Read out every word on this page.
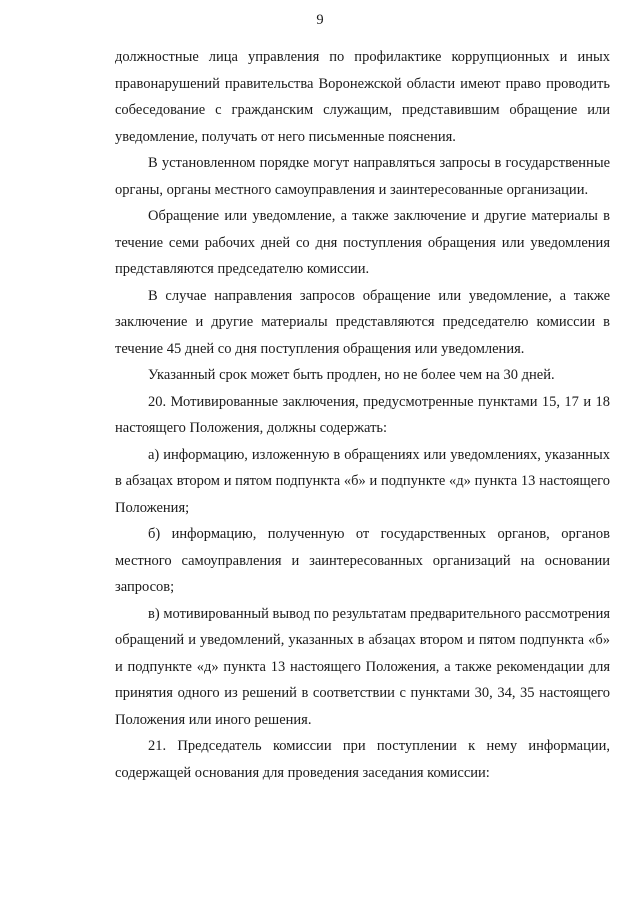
9

должностные лица управления по профилактике коррупционных и иных правонарушений правительства Воронежской области имеют право проводить собеседование с гражданским служащим, представившим обращение или уведомление, получать от него письменные пояснения.

В установленном порядке могут направляться запросы в государственные органы, органы местного самоуправления и заинтересованные организации.

Обращение или уведомление, а также заключение и другие материалы в течение семи рабочих дней со дня поступления обращения или уведомления представляются председателю комиссии.

В случае направления запросов обращение или уведомление, а также заключение и другие материалы представляются председателю комиссии в течение 45 дней со дня поступления обращения или уведомления.

Указанный срок может быть продлен, но не более чем на 30 дней.

20. Мотивированные заключения, предусмотренные пунктами 15, 17 и 18 настоящего Положения, должны содержать:

а) информацию, изложенную в обращениях или уведомлениях, указанных в абзацах втором и пятом подпункта «б» и подпункте «д» пункта 13 настоящего Положения;

б) информацию, полученную от государственных органов, органов местного самоуправления и заинтересованных организаций на основании запросов;

в) мотивированный вывод по результатам предварительного рассмотрения обращений и уведомлений, указанных в абзацах втором и пятом подпункта «б» и подпункте «д» пункта 13 настоящего Положения, а также рекомендации для принятия одного из решений в соответствии с пунктами 30, 34, 35 настоящего Положения или иного решения.

21. Председатель комиссии при поступлении к нему информации, содержащей основания для проведения заседания комиссии:
